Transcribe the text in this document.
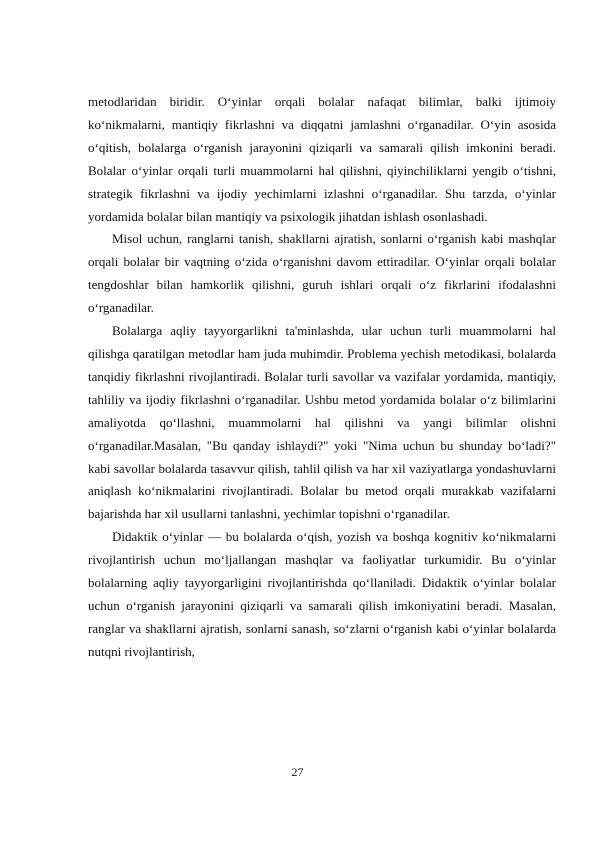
metodlaridan biridir. O‘yinlar orqali bolalar nafaqat bilimlar, balki ijtimoiy ko‘nikmalarni, mantiqiy fikrlashni va diqqatni jamlashni o‘rganadilar. O‘yin asosida o‘qitish, bolalarga o‘rganish jarayonini qiziqarli va samarali qilish imkonini beradi. Bolalar o‘yinlar orqali turli muammolarni hal qilishni, qiyinchiliklarni yengib o‘tishni, strategik fikrlashni va ijodiy yechimlarni izlashni o‘rganadilar. Shu tarzda, o‘yinlar yordamida bolalar bilan mantiqiy va psixologik jihatdan ishlash osonlashadi.

Misol uchun, ranglarni tanish, shakllarni ajratish, sonlarni o‘rganish kabi mashqlar orqali bolalar bir vaqtning o‘zida o‘rganishni davom ettiradilar. O‘yinlar orqali bolalar tengdoshlar bilan hamkorlik qilishni, guruh ishlari orqali o‘z fikrlarini ifodalashni o‘rganadilar.

Bolalarga aqliy tayyorgarlikni ta'minlashda, ular uchun turli muammolarni hal qilishga qaratilgan metodlar ham juda muhimdir. Problema yechish metodikasi, bolalarda tanqidiy fikrlashni rivojlantiradi. Bolalar turli savollar va vazifalar yordamida, mantiqiy, tahliliy va ijodiy fikrlashni o‘rganadilar. Ushbu metod yordamida bolalar o‘z bilimlarini amaliyotda qo‘llashni, muammolarni hal qilishni va yangi bilimlar olishni o‘rganadilar.Masalan, "Bu qanday ishlaydi?" yoki "Nima uchun bu shunday bo‘ladi?" kabi savollar bolalarda tasavvur qilish, tahlil qilish va har xil vaziyatlarga yondashuvlarni aniqlash ko‘nikmalarini rivojlantiradi. Bolalar bu metod orqali murakkab vazifalarni bajarishda har xil usullarni tanlashni, yechimlar topishni o‘rganadilar.

Didaktik o‘yinlar — bu bolalarda o‘qish, yozish va boshqa kognitiv ko‘nikmalarni rivojlantirish uchun mo‘ljallangan mashqlar va faoliyatlar turkumidir. Bu o‘yinlar bolalarning aqliy tayyorgarligini rivojlantirishda qo‘llaniladi. Didaktik o‘yinlar bolalar uchun o‘rganish jarayonini qiziqarli va samarali qilish imkoniyatini beradi. Masalan, ranglar va shakllarni ajratish, sonlarni sanash, so‘zlarni o‘rganish kabi o‘yinlar bolalarda nutqni rivojlantirish,

27
